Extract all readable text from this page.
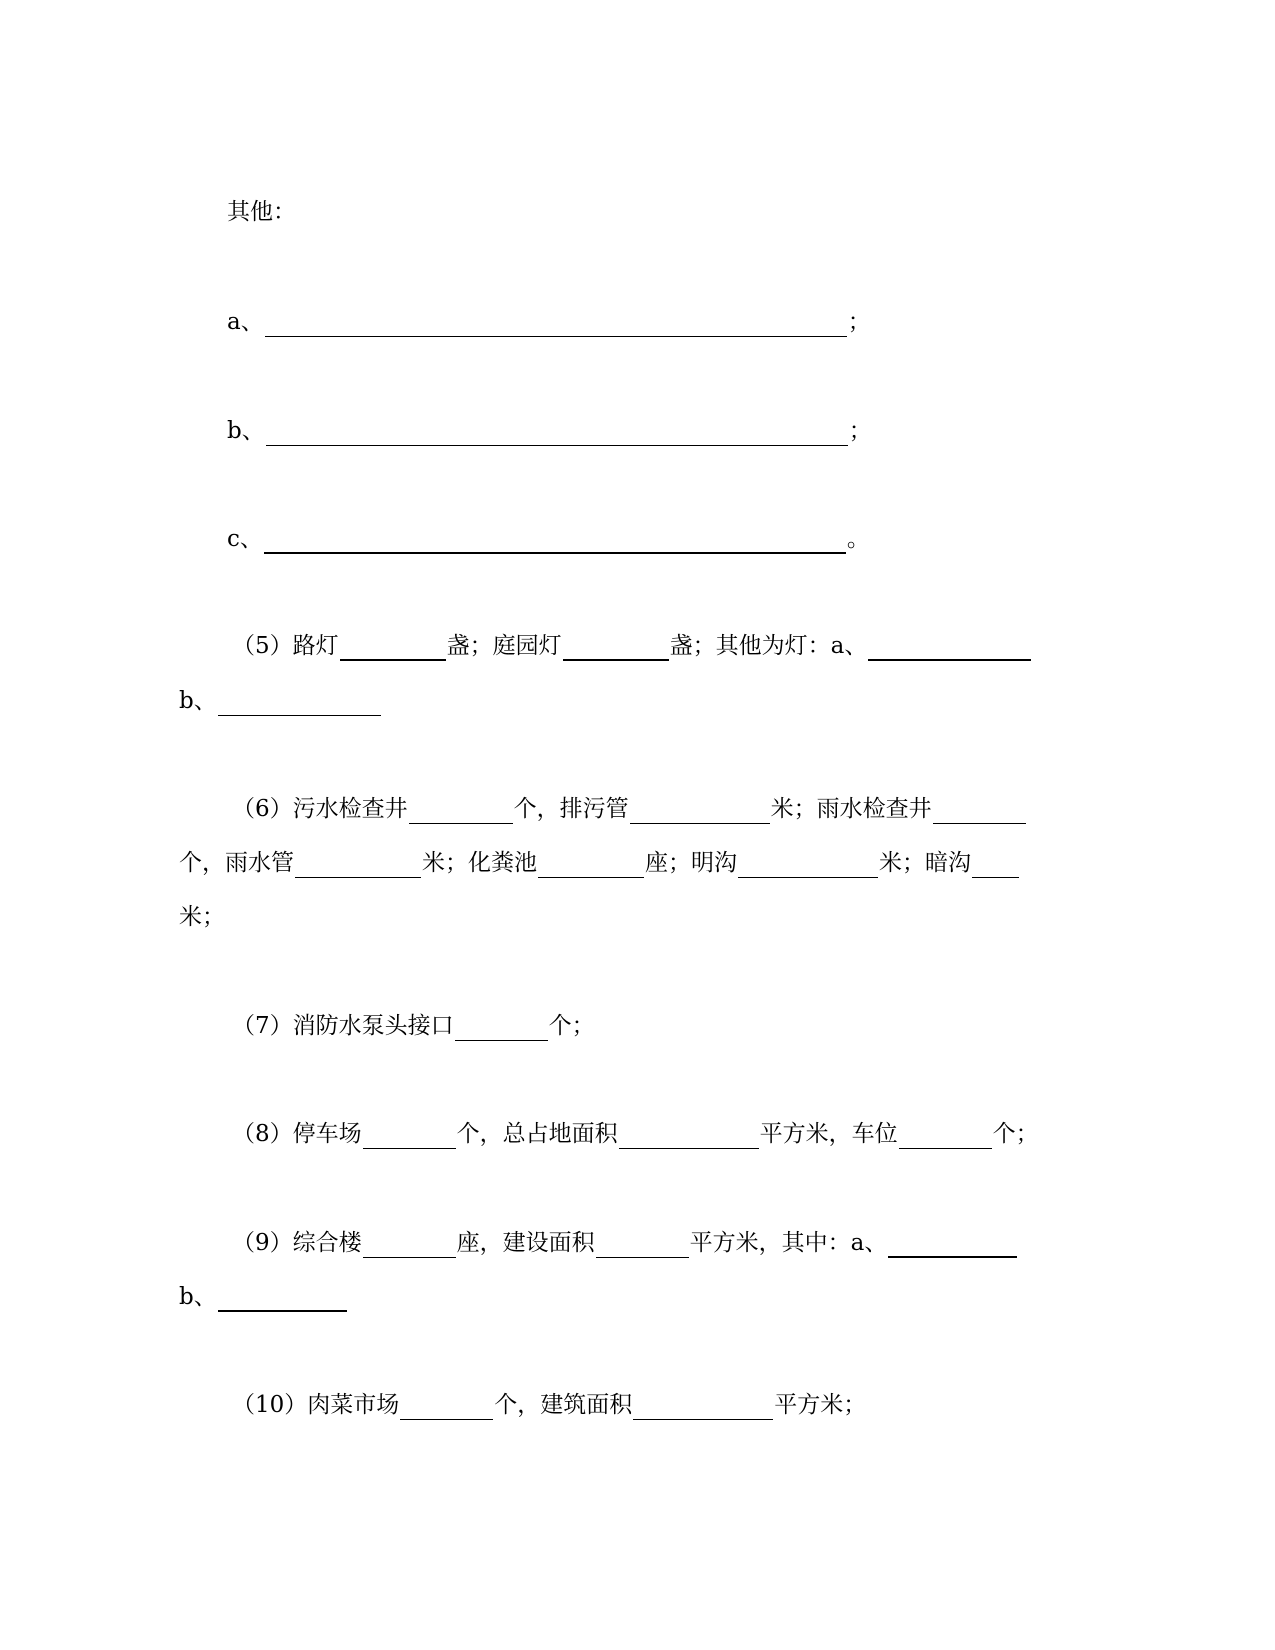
其他：
a、	；
b、	；
c、	。
（5）路灯	盏；庭园灯	盏；其他为灯：a、
b、
（6）污水检查井	个，排污管	米；雨水检查井
个，雨水管	米；化粪池	座；明沟	米；暗沟
米；
（7）消防水泵头接口	个；
（8）停车场	个，总占地面积	平方米，车位	个；
（9）综合楼	座，建设面积	平方米，其中：a、
b、
（10）肉菜市场	个，建筑面积	平方米；
